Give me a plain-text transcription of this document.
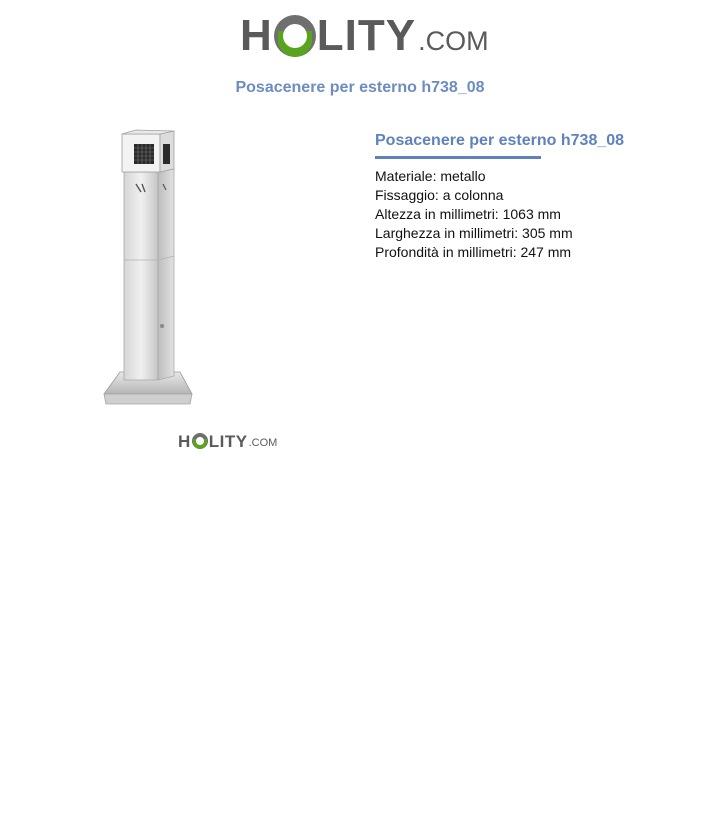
H LITY .COM
Posacenere per esterno h738_08
H LITY .COM
Posacenere per esterno h738_08
Materiale: metallo
Fissaggio: a colonna
Altezza in millimetri: 1063 mm
Larghezza in millimetri: 305 mm
Profondità in millimetri: 247 mm
